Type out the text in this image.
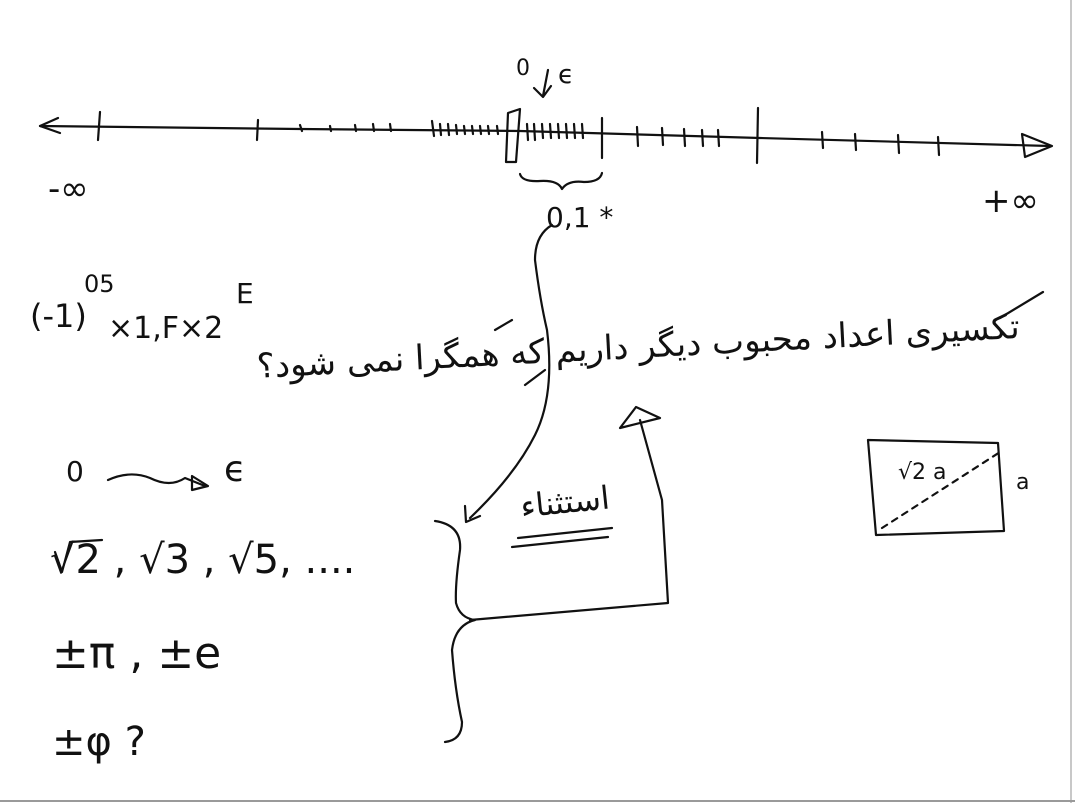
-∞	+∞
0 ϵ
0,1 *
(-1)
05
×1,F×2
E
تکسیری اعداد محبوب دیگر داریم که همگرا نمی شود؟
0	ϵ
استثناء
√2 , √3 , √5, ....
±π , ±e
±φ ?
√2 a	a
